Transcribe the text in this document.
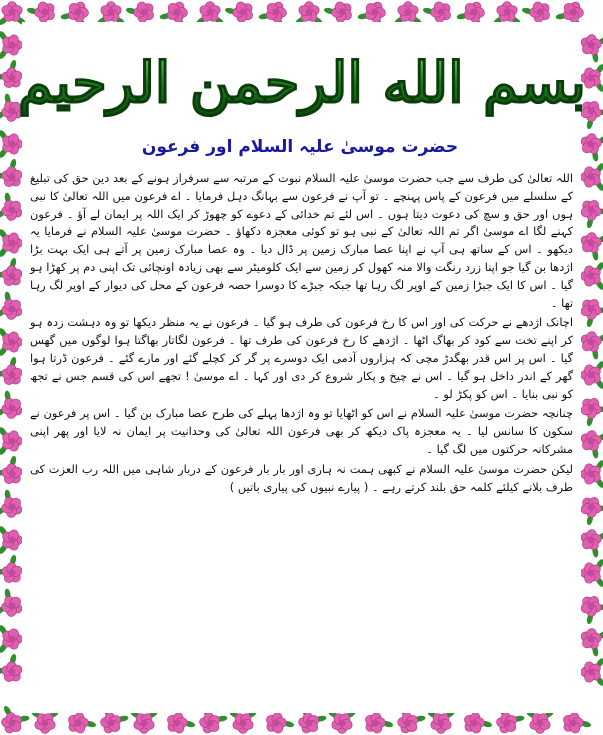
بسم الله الرحمن الرحیم
حضرت موسیٰ علیہ السلام اور فرعون

اللہ تعالیٰ کی طرف سے جب حضرت موسیٰ علیہ السلام نبوت کے مرتبہ سے سرفراز ہونے کے بعد دین حق کی تبلیغ کے سلسلے میں فرعون کے پاس پہنچے ۔ تو آپ نے فرعون سے بہانگ دہل فرمایا ۔ اے فرعون میں اللہ تعالیٰ کا نبی ہوں اور حق و سچ کی دعوت دیتا ہوں ۔ اس لئے تم خدائی کے دعوے کو چھوڑ کر ایک اللہ پر ایمان لے آؤ ۔ فرعون کہنے لگا اے موسیٰ اگر تم اللہ تعالیٰ کے نبی ہو تو کوئی معجزہ دکھاؤ ۔ حضرت موسیٰ علیہ السلام نے فرمایا یہ دیکھو ۔ اس کے ساتھ ہی آپ نے اپنا عصا مبارک زمین پر ڈال دیا ۔ وہ عصا مبارک زمین پر آتے ہی ایک بہت بڑا اژدھا بن گیا جو اپنا زرد رنگت والا منہ کھول کر زمین سے ایک کلومیٹر سے بھی زیادہ اونچائی تک اپنی دم پر کھڑا ہو گیا ۔ اس کا ایک جبڑا زمین کے اوپر لگ رہا تھا جبکہ جبڑے کا دوسرا حصہ فرعون کے محل کی دیوار کے اوپر لگ رہا تھا ۔

اچانک اژدھے نے حرکت کی اور اس کا رخ فرعون کی طرف ہو گیا ۔ فرعون نے یہ منظر دیکھا تو وہ دہشت زدہ ہو کر اپنے تخت سے کود کر بھاگ اٹھا ۔ اژدھے کا رخ فرعون کی طرف تھا ۔ فرعون لگاتار بھاگتا ہوا لوگوں میں گھس گیا ۔ اس پر اس قدر بھگدڑ مچی کہ ہزاروں آدمی ایک دوسرے پر گر کر کچلے گئے اور مارے گئے ۔ فرعون ڈرتا ہوا گھر کے اندر داخل ہو گیا ۔ اس نے چیخ و پکار شروع کر دی اور کہا ۔ اے موسیٰ ! تجھے اس کی قسم جس نے تجھ کو نبی بنایا ۔ اس کو پکڑ لو ۔

چنانچہ حضرت موسیٰ علیہ السلام نے اس کو اٹھایا تو وہ اژدھا پہلے کی طرح عصا مبارک بن گیا ۔ اس پر فرعون نے سکون کا سانس لیا ۔ یہ معجزہ پاک دیکھ کر بھی فرعون اللہ تعالیٰ کی وحدانیت پر ایمان نہ لایا اور پھر اپنی مشرکانہ حرکتوں میں لگ گیا ۔

لیکن حضرت موسیٰ علیہ السلام نے کبھی ہمت نہ ہاری اور بار بار فرعون کے دربار شاہی میں اللہ رب العزت کی طرف بلانے کیلئے کلمہ حق بلند کرتے رہے ۔ ( پیارے نبیوں کی پیاری باتیں )
